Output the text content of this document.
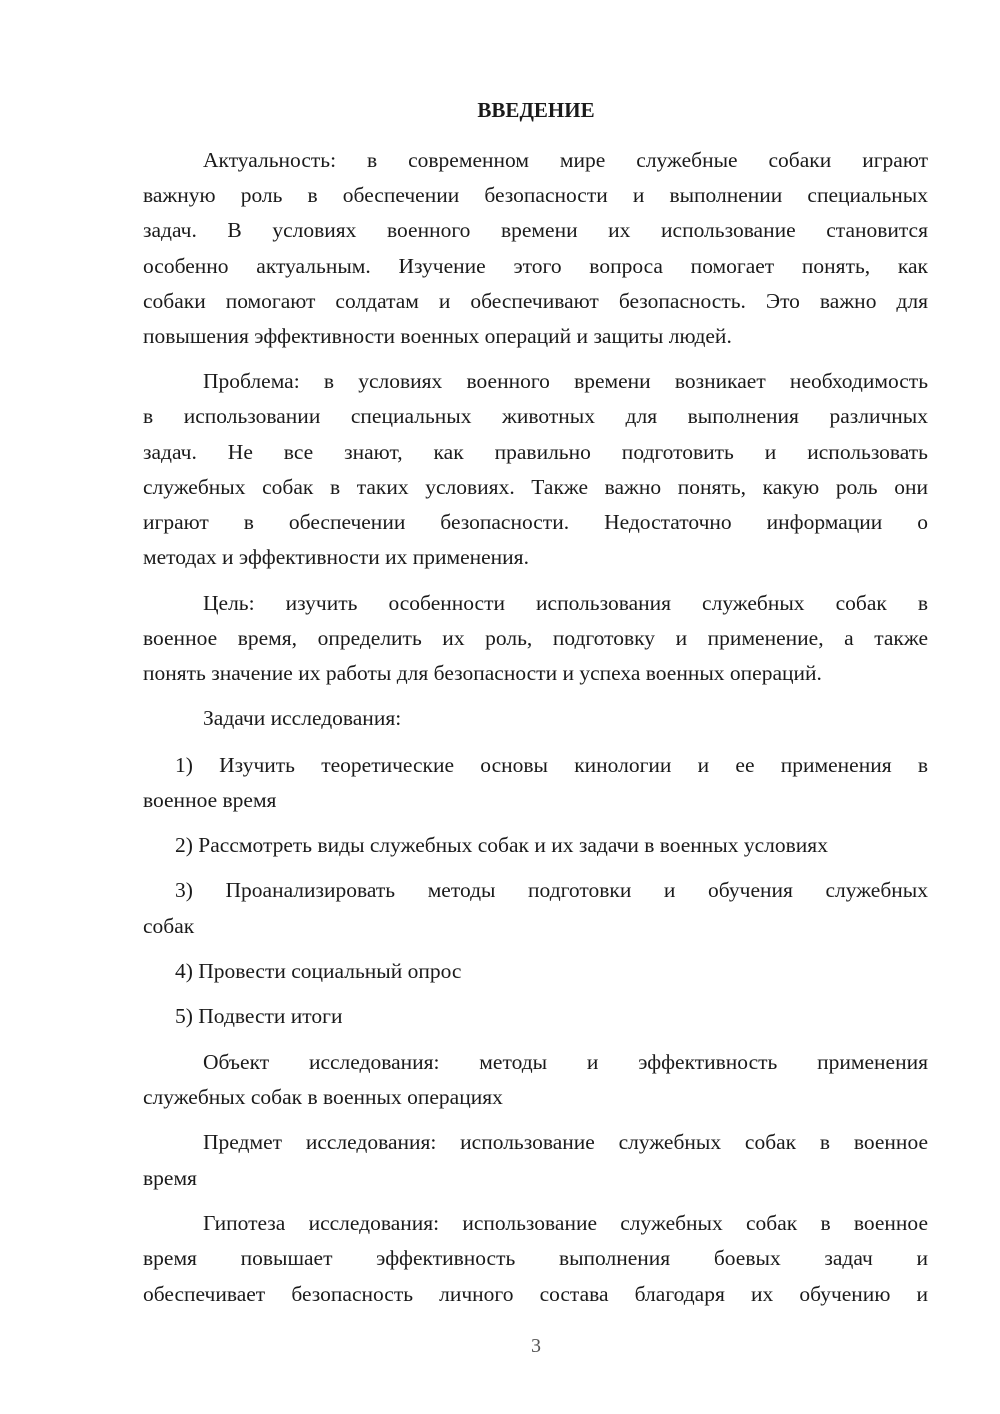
ВВЕДЕНИЕ
Актуальность: в современном мире служебные собаки играют
важную роль в обеспечении безопасности и выполнении специальных
задач. В условиях военного времени их использование становится
особенно актуальным. Изучение этого вопроса помогает понять, как
собаки помогают солдатам и обеспечивают безопасность. Это важно для
повышения эффективности военных операций и защиты людей.
Проблема: в условиях военного времени возникает необходимость
в использовании специальных животных для выполнения различных
задач. Не все знают, как правильно подготовить и использовать
служебных собак в таких условиях. Также важно понять, какую роль они
играют в обеспечении безопасности. Недостаточно информации о
методах и эффективности их применения.
Цель: изучить особенности использования служебных собак в
военное время, определить их роль, подготовку и применение, а также
понять значение их работы для безопасности и успеха военных операций.
Задачи исследования:
1) Изучить теоретические основы кинологии и ее применения в
военное время
2) Рассмотреть виды служебных собак и их задачи в военных условиях
3) Проанализировать методы подготовки и обучения служебных
собак
4) Провести социальный опрос
5) Подвести итоги
Объект исследования: методы и эффективность применения
служебных собак в военных операциях
Предмет исследования: использование служебных собак в военное
время
Гипотеза исследования: использование служебных собак в военное
время повышает эффективность выполнения боевых задач и
обеспечивает безопасность личного состава благодаря их обучению и
3
